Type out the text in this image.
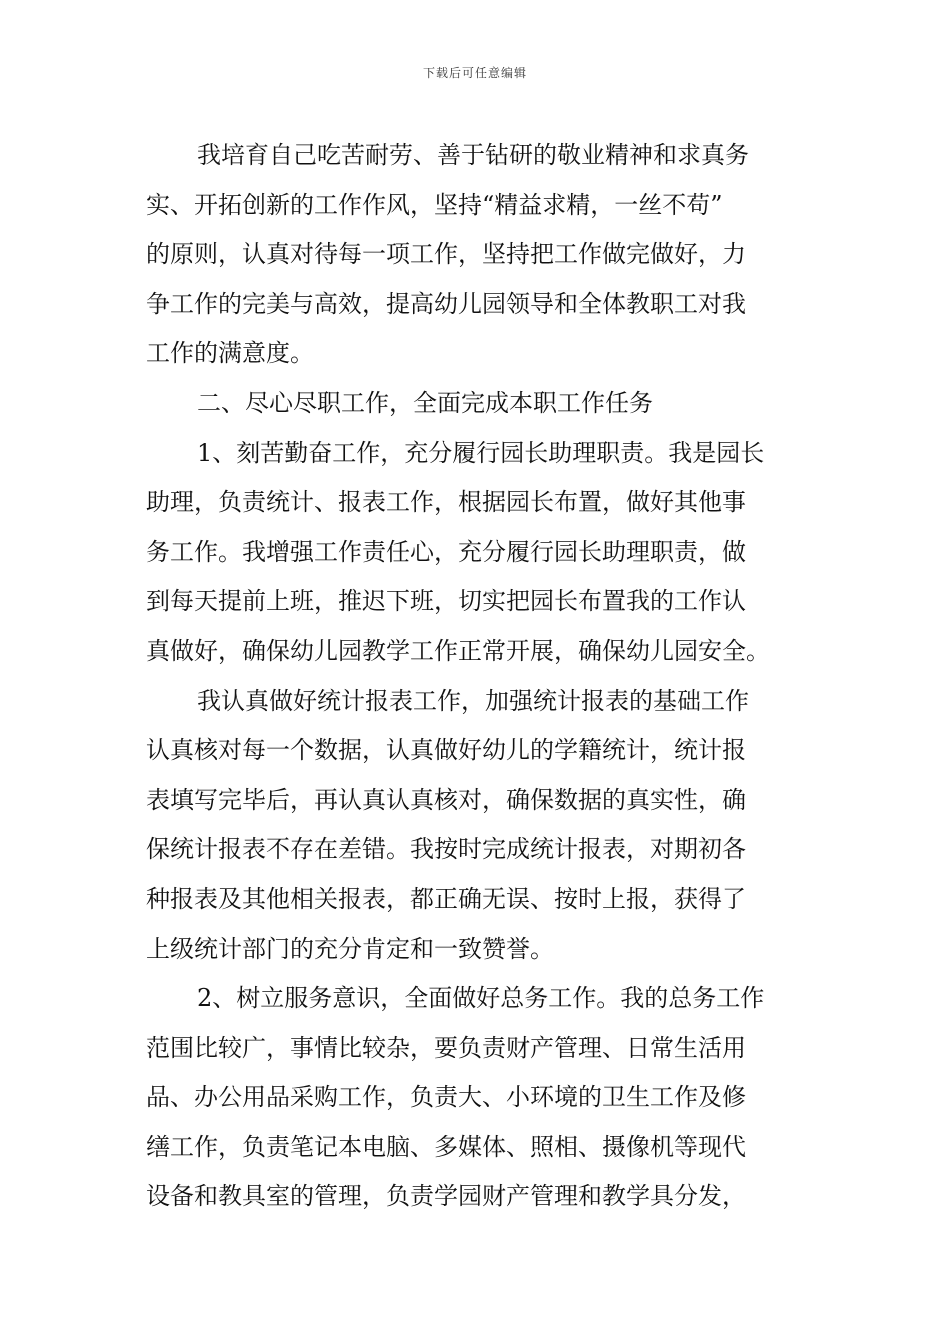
下载后可任意编辑
我培育自己吃苦耐劳、善于钻研的敬业精神和求真务
实、开拓创新的工作作风，坚持“精益求精，一丝不苟”
的原则，认真对待每一项工作，坚持把工作做完做好，力
争工作的完美与高效，提高幼儿园领导和全体教职工对我
工作的满意度。
二、尽心尽职工作，全面完成本职工作任务
1、刻苦勤奋工作，充分履行园长助理职责。我是园长
助理，负责统计、报表工作，根据园长布置，做好其他事
务工作。我增强工作责任心，充分履行园长助理职责，做
到每天提前上班，推迟下班，切实把园长布置我的工作认
真做好，确保幼儿园教学工作正常开展，确保幼儿园安全。
我认真做好统计报表工作，加强统计报表的基础工作
认真核对每一个数据，认真做好幼儿的学籍统计，统计报
表填写完毕后，再认真认真核对，确保数据的真实性，确
保统计报表不存在差错。我按时完成统计报表，对期初各
种报表及其他相关报表，都正确无误、按时上报，获得了
上级统计部门的充分肯定和一致赞誉。
2、树立服务意识，全面做好总务工作。我的总务工作
范围比较广，事情比较杂，要负责财产管理、日常生活用
品、办公用品采购工作，负责大、小环境的卫生工作及修
缮工作，负责笔记本电脑、多媒体、照相、摄像机等现代
设备和教具室的管理，负责学园财产管理和教学具分发，
